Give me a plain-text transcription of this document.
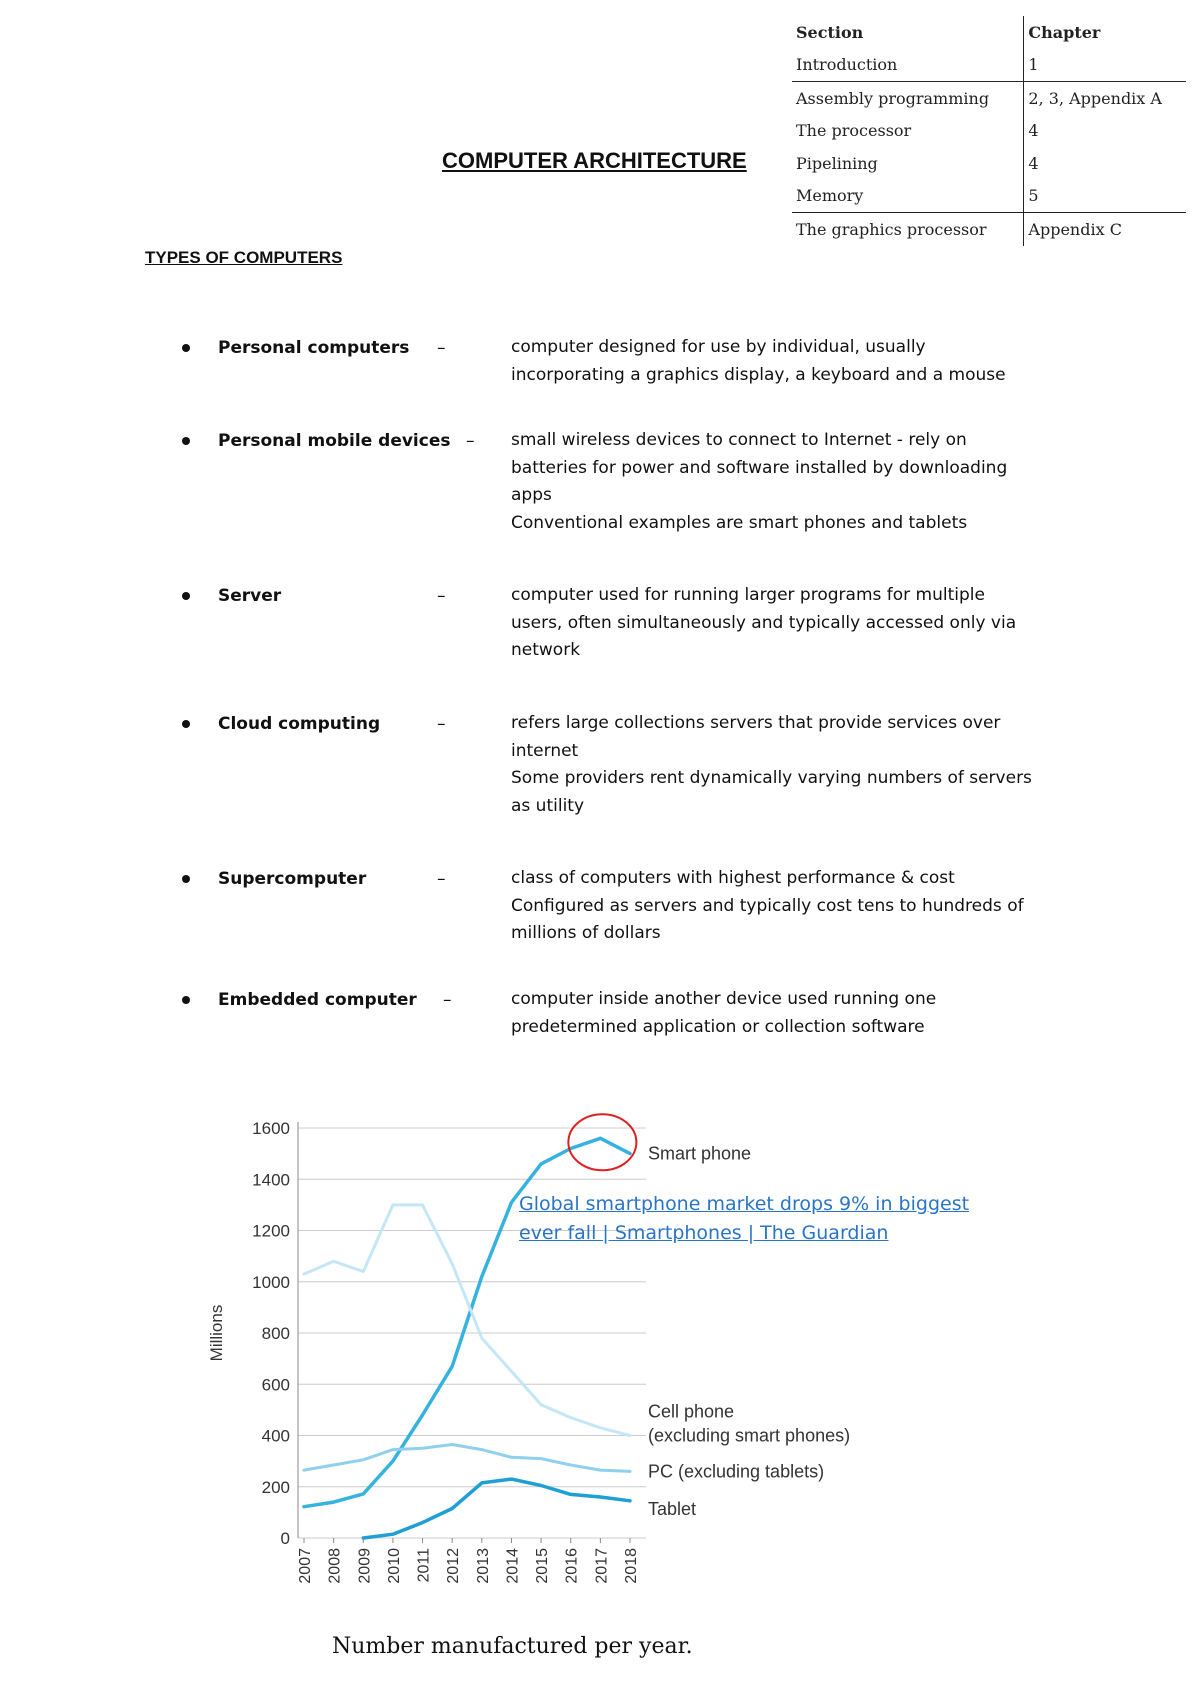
Section	Chapter
Introduction	1
Assembly programming	2, 3, Appendix A
The processor	4
Pipelining	4
Memory	5
The graphics processor	Appendix C
COMPUTER ARCHITECTURE
TYPES OF COMPUTERS
Personal computers –	computer designed for use by individual, usually
incorporating a graphics display, a keyboard and a mouse
Personal mobile devices – small wireless devices to connect to Internet - rely on
batteries for power and software installed by downloading
apps
Conventional examples are smart phones and tablets
Server	–	computer used for running larger programs for multiple
users, often simultaneously and typically accessed only via
network
Cloud computing	–	refers large collections servers that provide services over
internet
Some providers rent dynamically varying numbers of servers
as utility
Supercomputer	–	class of computers with highest performance & cost
Configured as servers and typically cost tens to hundreds of
millions of dollars
Embedded computer –	computer inside another device used running one
predetermined application or collection software
0
200
400
600
800
1000
1200
1400
1600
Millions
2007 2008 2009 2010 2011 2012 2013 2014 2015 2016 2017 2018
Smart phone
Cell phone
(excluding smart phones)
PC (excluding tablets)
Tablet
Global smartphone market drops 9% in biggest
ever fall | Smartphones | The Guardian
Number manufactured per year.
